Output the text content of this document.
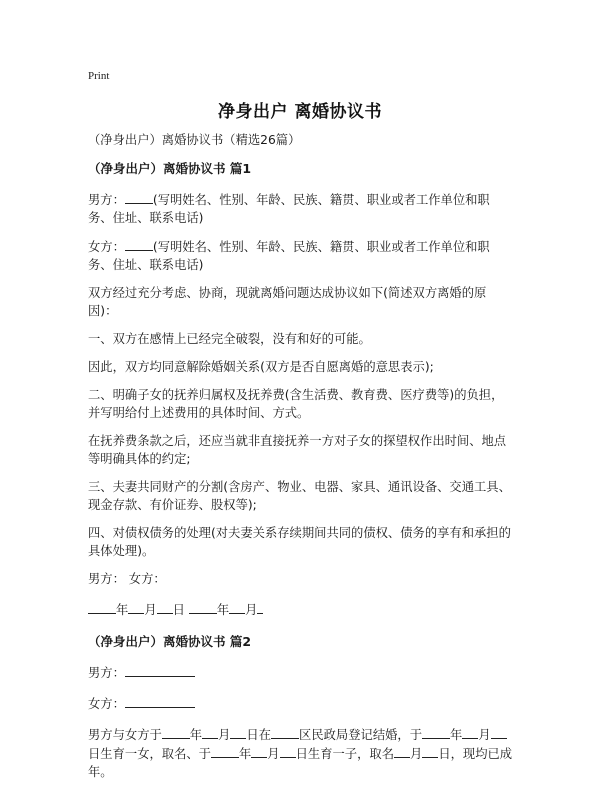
Print
净身出户 离婚协议书

（净身出户）离婚协议书（精选26篇）

（净身出户）离婚协议书 篇1

男方： (写明姓名、性别、年龄、民族、籍贯、职业或者工作单位和职务、住址、联系电话)

女方： (写明姓名、性别、年龄、民族、籍贯、职业或者工作单位和职务、住址、联系电话)

双方经过充分考虑、协商，现就离婚问题达成协议如下(简述双方离婚的原因)：

一、双方在感情上已经完全破裂，没有和好的可能。

因此，双方均同意解除婚姻关系(双方是否自愿离婚的意思表示);

二、明确子女的抚养归属权及抚养费(含生活费、教育费、医疗费等)的负担，并写明给付上述费用的具体时间、方式。

在抚养费条款之后，还应当就非直接抚养一方对子女的探望权作出时间、地点等明确具体的约定;

三、夫妻共同财产的分割(含房产、物业、电器、家具、通讯设备、交通工具、现金存款、有价证券、股权等);

四、对债权债务的处理(对夫妻关系存续期间共同的债权、债务的享有和承担的具体处理)。

男方： 女方：

年 月 日	年 月

（净身出户）离婚协议书 篇2

男方：

女方：

男方与女方于 年 月 日在 区民政局登记结婚，于 年 月日生育一女，取名、于 年 月 日生育一子，取名 月 日，现均已成年。
